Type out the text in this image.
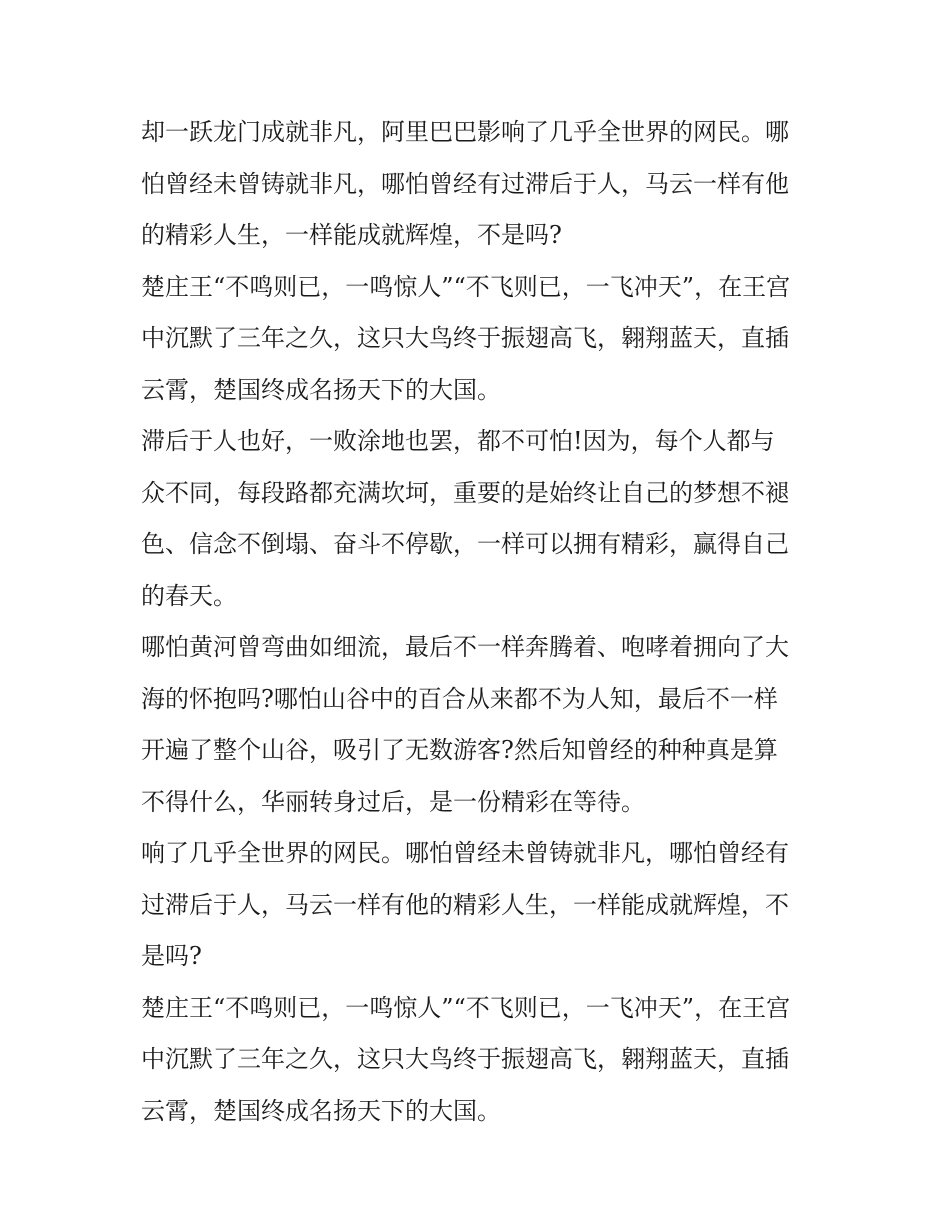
却一跃龙门成就非凡，阿里巴巴影响了几乎全世界的网民。哪
怕曾经未曾铸就非凡，哪怕曾经有过滞后于人，马云一样有他
的精彩人生，一样能成就辉煌，不是吗?
楚庄王“不鸣则已，一鸣惊人”“不飞则已，一飞冲天”，在王宫
中沉默了三年之久，这只大鸟终于振翅高飞，翱翔蓝天，直插
云霄，楚国终成名扬天下的大国。
滞后于人也好，一败涂地也罢，都不可怕!因为，每个人都与
众不同，每段路都充满坎坷，重要的是始终让自己的梦想不褪
色、信念不倒塌、奋斗不停歇，一样可以拥有精彩，赢得自己
的春天。
哪怕黄河曾弯曲如细流，最后不一样奔腾着、咆哮着拥向了大
海的怀抱吗?哪怕山谷中的百合从来都不为人知，最后不一样
开遍了整个山谷，吸引了无数游客?然后知曾经的种种真是算
不得什么，华丽转身过后，是一份精彩在等待。
响了几乎全世界的网民。哪怕曾经未曾铸就非凡，哪怕曾经有
过滞后于人，马云一样有他的精彩人生，一样能成就辉煌，不
是吗?
楚庄王“不鸣则已，一鸣惊人”“不飞则已，一飞冲天”，在王宫
中沉默了三年之久，这只大鸟终于振翅高飞，翱翔蓝天，直插
云霄，楚国终成名扬天下的大国。
